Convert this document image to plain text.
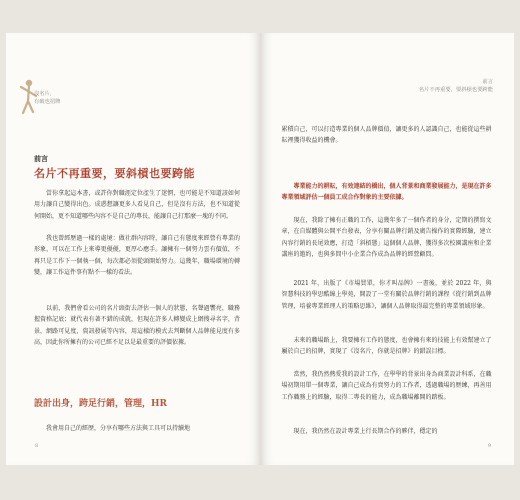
沒名片，
有破也招牌
前言
名片不再重要，要斜槓也要跨能

當你拿起這本書，或許你對職涯定位產生了迷惘，也可能是不知道該如何用力讓自己變得出色。成惑想讓更多人看見自己，但是沒有方法，也不知道從何開始，更不知道哪些內容不是自己的專長，能讓自己打那麼一塊的不同。

我也曾經歷過一樣的處境：做社群內容時，讓自己有態度來經營有專業的形象，可以在工作上來導更優優，更厚心應手。讓擁有一個努力雲有價值，不再只是工作下一個執一個，每次都必須從頭開始努力。這幾年，職場環境的轉變，讓工作這件事有點不一樣的看法。

以前，我們會看公司的名片頭街去評估一個人的狀態，名聲過響亮，職務握資格記底；就代表有著不錯的成就，但現在許多人轉變成上網搜尋名字，背景，網路可見度，資訊發展等內容，用這樣的模式去判斷個人品牌能見度有多高，因此你所擁有的公司已經不足以是最重要的評價依據。

設計出身，跨足行銷，管理，HR

我會用自己的經歷，分享有哪些方法與工具可以持續地

8
前言
名片不再重要，要斜槓也要跨能

累積自己，可以打造專業的個人品牌價值，讓更多的人認識自己，也能從這些耕耘裡獲得收益的機會。

專業能力的耕耘，有效連結的橋出，個人背景和商業發展能力，是現在許多專業領域評估一個員工成合作對象的主要依據。

現在，我除了擁有正職的工作，這幾年多了一個作者的身分，定期的撰寫文章，在自媒體與公開平台發表，分享有關品牌行銷及廣告操作的實際經驗，建立內容行銷的長尾效應，打造「斜槓態」這個個人品牌，獲得多次校園講座和企業講座的邀約，也與多間中小企業合作成為品牌的經營顧問。

2021 年，出版了《市場買單，你才叫品牌》一書後，並於 2022 年，與智慧科技的學思酷線上學苑，開設了一堂有關於品牌行銷的課程《從行銷到品牌管理，培養專業經理人的策略思維》，讓個人品牌取得最完整的專業領域形象。

未來的職場路上，我要擁有工作的態度，也會擁有來的技能上有效幫建立了屬於自己的招牌，實現了《沒名片，你就是招牌》的錯誤目標。

當然，我仍然熱愛我的設計工作，在學學的背景出身為商業設計科系，在職場初期用單一個專業，讓自己成為有賣努力的工作者，透過職場的歷練，再善用工作職務上的經驗，取得二專長的能力，成為職場離開的踏板。

現在，我仍然在設計專業上行長期合作的夥伴，穩定的

9
